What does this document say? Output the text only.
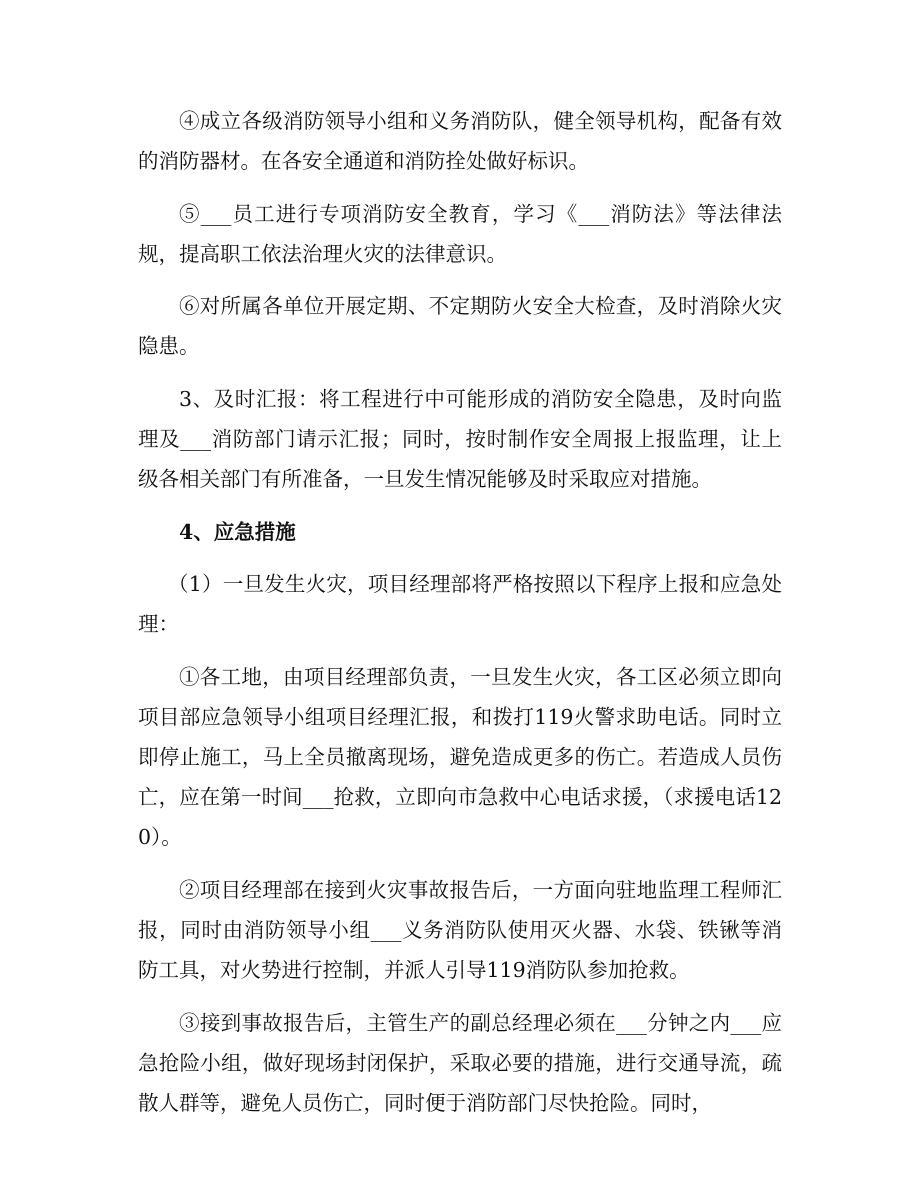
④成立各级消防领导小组和义务消防队，健全领导机构，配备有效的消防器材。在各安全通道和消防拴处做好标识。

⑤___员工进行专项消防安全教育，学习《___消防法》等法律法规，提高职工依法治理火灾的法律意识。

⑥对所属各单位开展定期、不定期防火安全大检查，及时消除火灾隐患。

3、及时汇报：将工程进行中可能形成的消防安全隐患，及时向监理及___消防部门请示汇报；同时，按时制作安全周报上报监理，让上级各相关部门有所准备，一旦发生情况能够及时采取应对措施。

4、应急措施

（1）一旦发生火灾，项目经理部将严格按照以下程序上报和应急处理：

①各工地，由项目经理部负责，一旦发生火灾，各工区必须立即向项目部应急领导小组项目经理汇报，和拨打119火警求助电话。同时立即停止施工，马上全员撤离现场，避免造成更多的伤亡。若造成人员伤亡，应在第一时间___抢救，立即向市急救中心电话求援，（求援电话120）。

②项目经理部在接到火灾事故报告后，一方面向驻地监理工程师汇报，同时由消防领导小组___义务消防队使用灭火器、水袋、铁锹等消防工具，对火势进行控制，并派人引导119消防队参加抢救。

③接到事故报告后，主管生产的副总经理必须在___分钟之内___应急抢险小组，做好现场封闭保护，采取必要的措施，进行交通导流，疏散人群等，避免人员伤亡，同时便于消防部门尽快抢险。同时，
